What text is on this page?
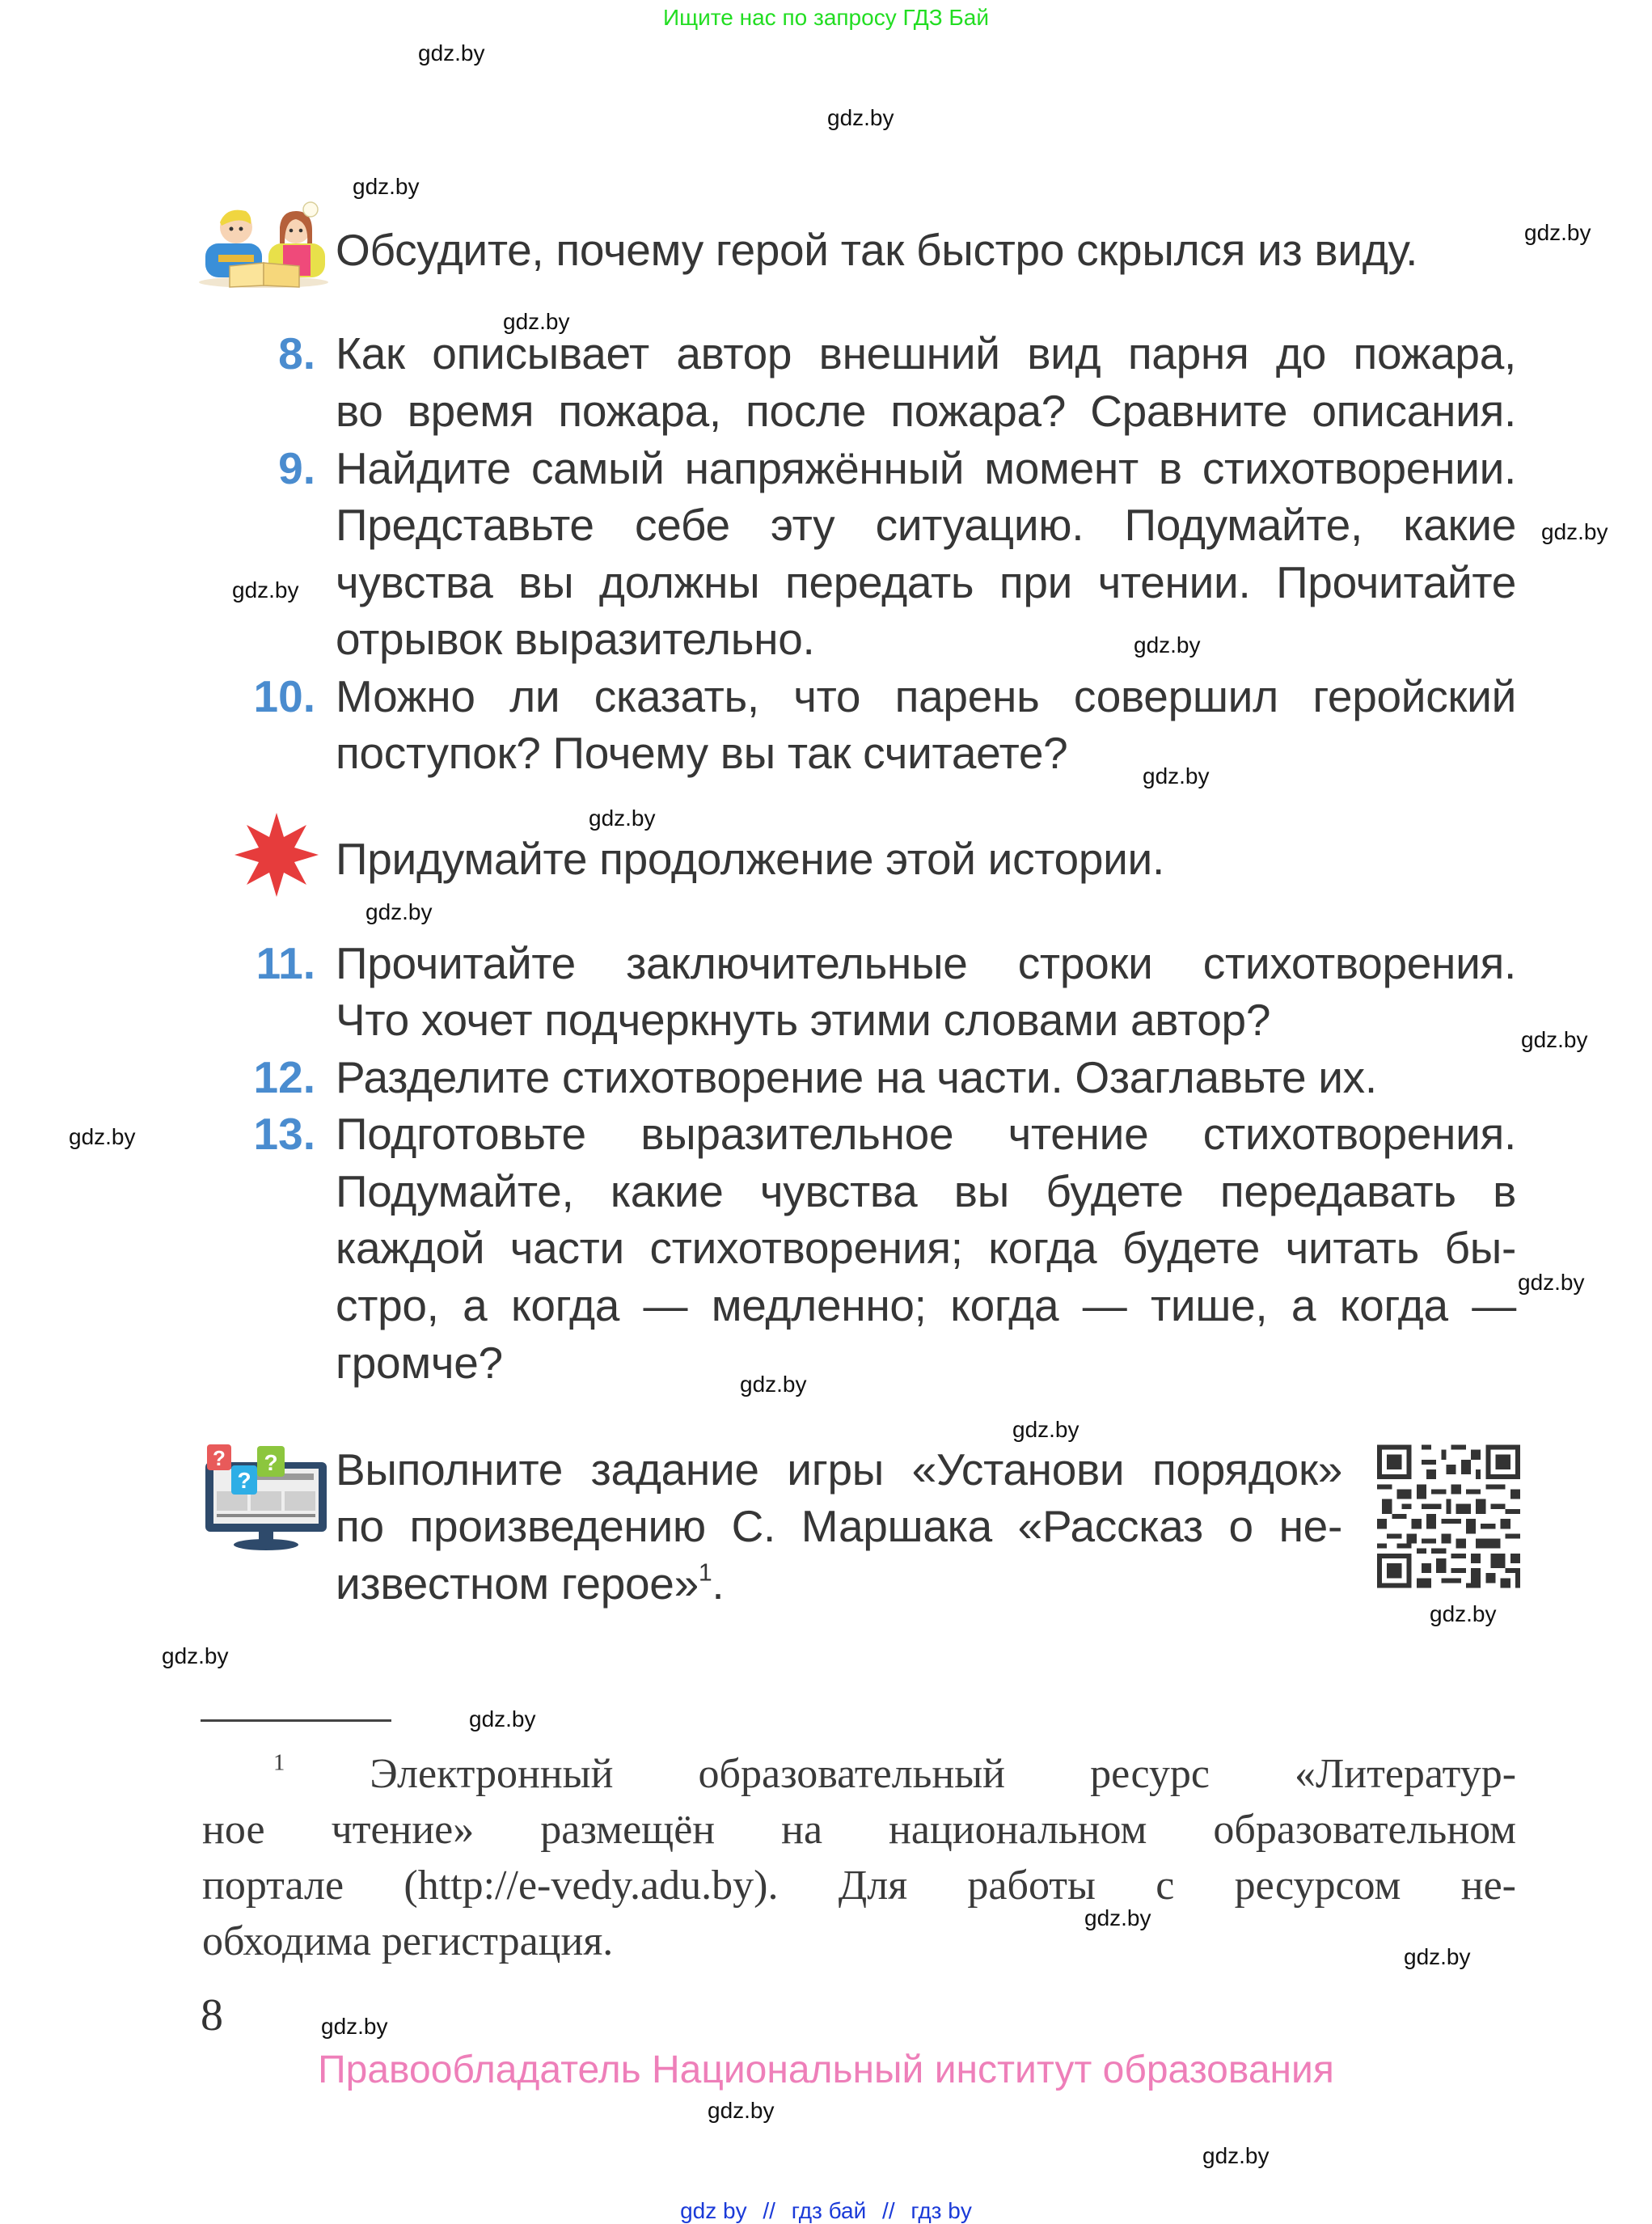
Ищите нас по запросу ГДЗ Бай
gdz.by
gdz.by
gdz.by
gdz.by
gdz.by
gdz.by
gdz.by
gdz.by
gdz.by
gdz.by
gdz.by
gdz.by
gdz.by
gdz.by
gdz.by
gdz.by
gdz.by
gdz.by
gdz.by
gdz.by
gdz.by
gdz.by
gdz.by
gdz.by
Обсудите, почему герой так быстро скрылся из виду.
8. Как описывает автор внешний вид парня до пожара,
во время пожара, после пожара? Сравните описания.
9. Найдите самый напряжённый момент в стихотворении.
Представьте себе эту ситуацию. Подумайте, какие
чувства вы должны передать при чтении. Прочитайте
отрывок выразительно.
10. Можно ли сказать, что парень совершил геройский
поступок? Почему вы так считаете?
Придумайте продолжение этой истории.
11. Прочитайте заключительные строки стихотворения.
Что хочет подчеркнуть этими словами автор?
12. Разделите стихотворение на части. Озаглавьте их.
13. Подготовьте выразительное чтение стихотворения.
Подумайте, какие чувства вы будете передавать в
каждой части стихотворения; когда будете читать бы-
стро, а когда — медленно; когда — тише, а когда —
громче?
?
?
? Выполните задание игры «Установи порядок»
по произведению С. Маршака «Рассказ о не-
известном герое»$^1$.
$^1$ Электронный образовательный ресурс «Литератур-
ное чтение» размещён на национальном образовательном
портале (http://e-vedy.adu.by). Для работы с ресурсом не-
обходима регистрация.
8
Правообладатель Национальный институт образования
gdz by // гдз бай // гдз by
